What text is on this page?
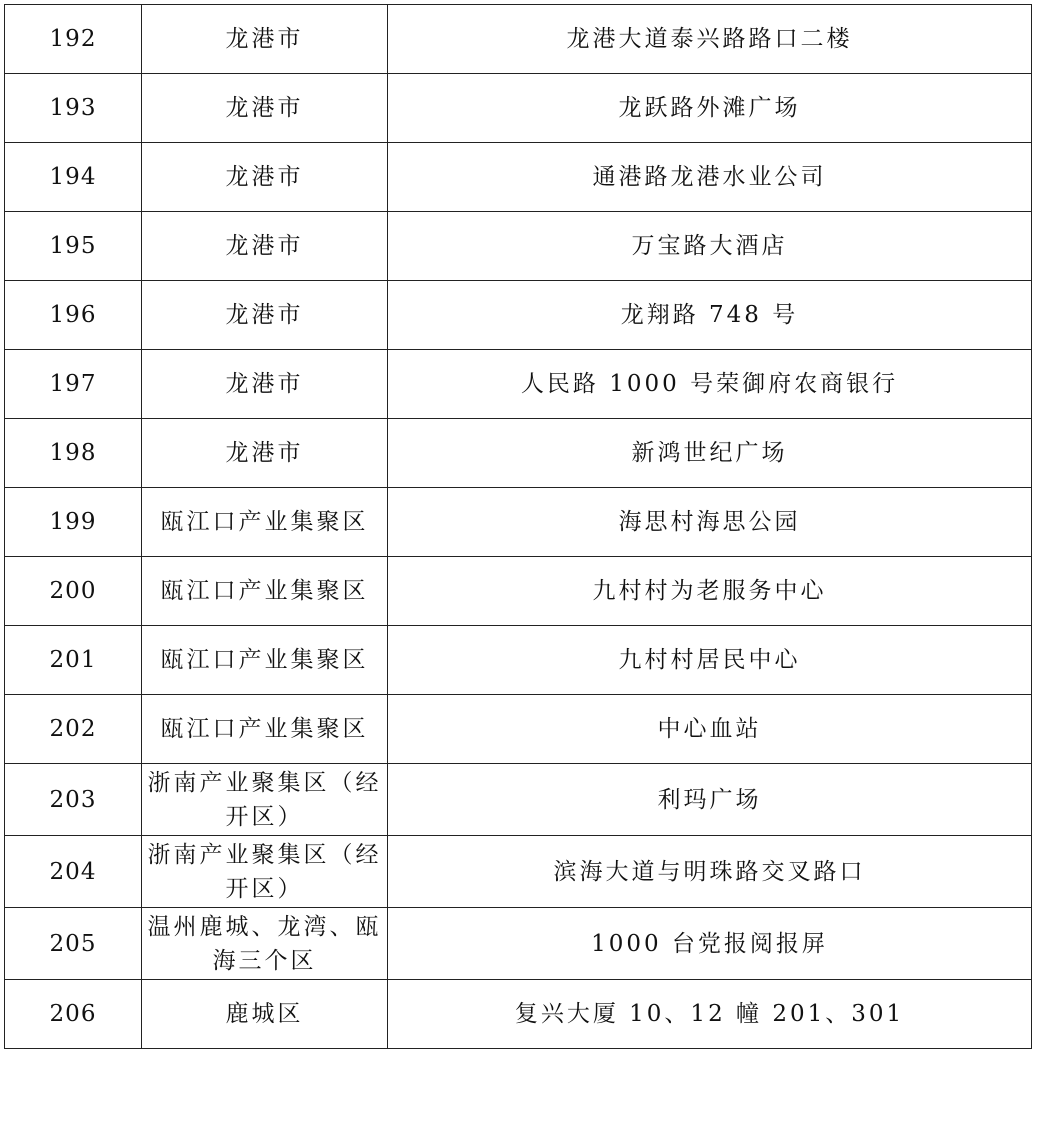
192	龙港市	龙港大道泰兴路路口二楼
193	龙港市	龙跃路外滩广场
194	龙港市	通港路龙港水业公司
195	龙港市	万宝路大酒店
196	龙港市	龙翔路 748 号
197	龙港市	人民路 1000 号荣御府农商银行
198	龙港市	新鸿世纪广场
199	瓯江口产业集聚区	海思村海思公园
200	瓯江口产业集聚区	九村村为老服务中心
201	瓯江口产业集聚区	九村村居民中心
202	瓯江口产业集聚区	中心血站
203	浙南产业聚集区（经开区）	利玛广场
204	浙南产业聚集区（经开区）	滨海大道与明珠路交叉路口
205	温州鹿城、龙湾、瓯海三个区	1000 台党报阅报屏
206	鹿城区	复兴大厦 10、12 幢 201、301
